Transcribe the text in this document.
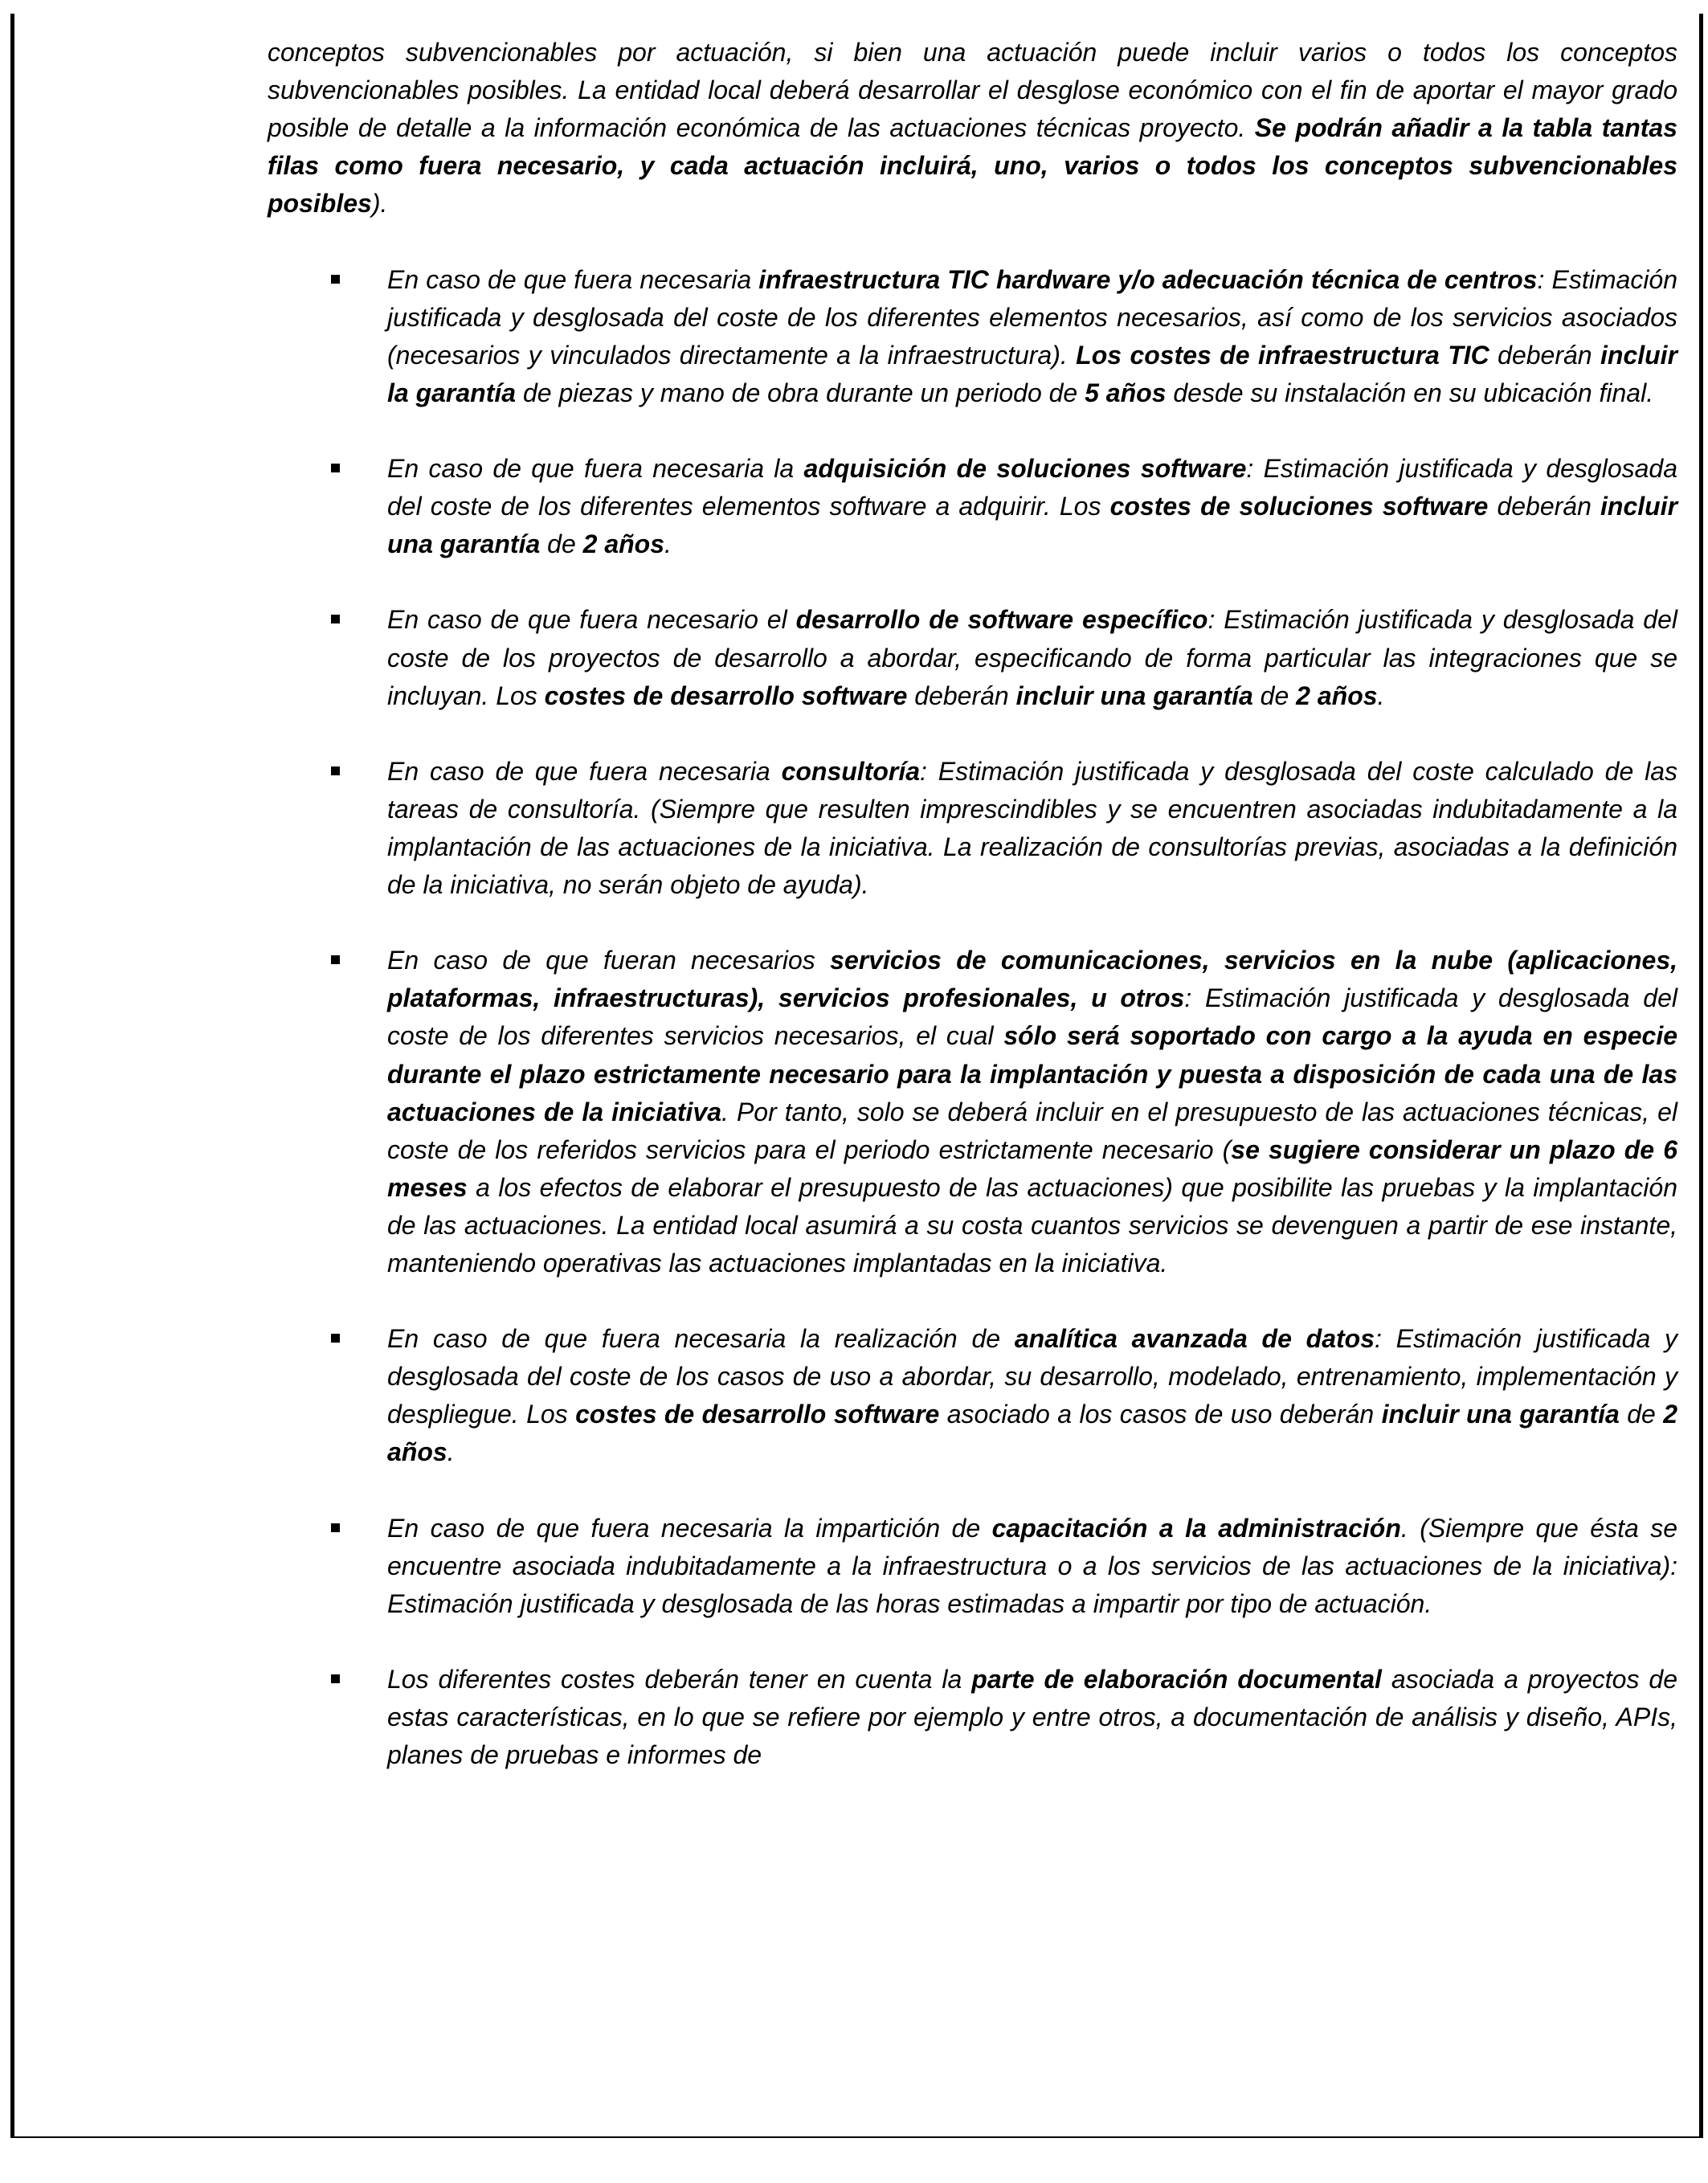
conceptos subvencionables por actuación, si bien una actuación puede incluir varios o todos los conceptos subvencionables posibles. La entidad local deberá desarrollar el desglose económico con el fin de aportar el mayor grado posible de detalle a la información económica de las actuaciones técnicas proyecto. Se podrán añadir a la tabla tantas filas como fuera necesario, y cada actuación incluirá, uno, varios o todos los conceptos subvencionables posibles).

En caso de que fuera necesaria infraestructura TIC hardware y/o adecuación técnica de centros: Estimación justificada y desglosada del coste de los diferentes elementos necesarios, así como de los servicios asociados (necesarios y vinculados directamente a la infraestructura). Los costes de infraestructura TIC deberán incluir la garantía de piezas y mano de obra durante un periodo de 5 años desde su instalación en su ubicación final.
En caso de que fuera necesaria la adquisición de soluciones software: Estimación justificada y desglosada del coste de los diferentes elementos software a adquirir. Los costes de soluciones software deberán incluir una garantía de 2 años.
En caso de que fuera necesario el desarrollo de software específico: Estimación justificada y desglosada del coste de los proyectos de desarrollo a abordar, especificando de forma particular las integraciones que se incluyan. Los costes de desarrollo software deberán incluir una garantía de 2 años.
En caso de que fuera necesaria consultoría: Estimación justificada y desglosada del coste calculado de las tareas de consultoría. (Siempre que resulten imprescindibles y se encuentren asociadas indubitadamente a la implantación de las actuaciones de la iniciativa. La realización de consultorías previas, asociadas a la definición de la iniciativa, no serán objeto de ayuda).
En caso de que fueran necesarios servicios de comunicaciones, servicios en la nube (aplicaciones, plataformas, infraestructuras), servicios profesionales, u otros: Estimación justificada y desglosada del coste de los diferentes servicios necesarios, el cual sólo será soportado con cargo a la ayuda en especie durante el plazo estrictamente necesario para la implantación y puesta a disposición de cada una de las actuaciones de la iniciativa. Por tanto, solo se deberá incluir en el presupuesto de las actuaciones técnicas, el coste de los referidos servicios para el periodo estrictamente necesario (se sugiere considerar un plazo de 6 meses a los efectos de elaborar el presupuesto de las actuaciones) que posibilite las pruebas y la implantación de las actuaciones. La entidad local asumirá a su costa cuantos servicios se devenguen a partir de ese instante, manteniendo operativas las actuaciones implantadas en la iniciativa.
En caso de que fuera necesaria la realización de analítica avanzada de datos: Estimación justificada y desglosada del coste de los casos de uso a abordar, su desarrollo, modelado, entrenamiento, implementación y despliegue. Los costes de desarrollo software asociado a los casos de uso deberán incluir una garantía de 2 años.
En caso de que fuera necesaria la impartición de capacitación a la administración. (Siempre que ésta se encuentre asociada indubitadamente a la infraestructura o a los servicios de las actuaciones de la iniciativa): Estimación justificada y desglosada de las horas estimadas a impartir por tipo de actuación.
Los diferentes costes deberán tener en cuenta la parte de elaboración documental asociada a proyectos de estas características, en lo que se refiere por ejemplo y entre otros, a documentación de análisis y diseño, APIs, planes de pruebas e informes de
